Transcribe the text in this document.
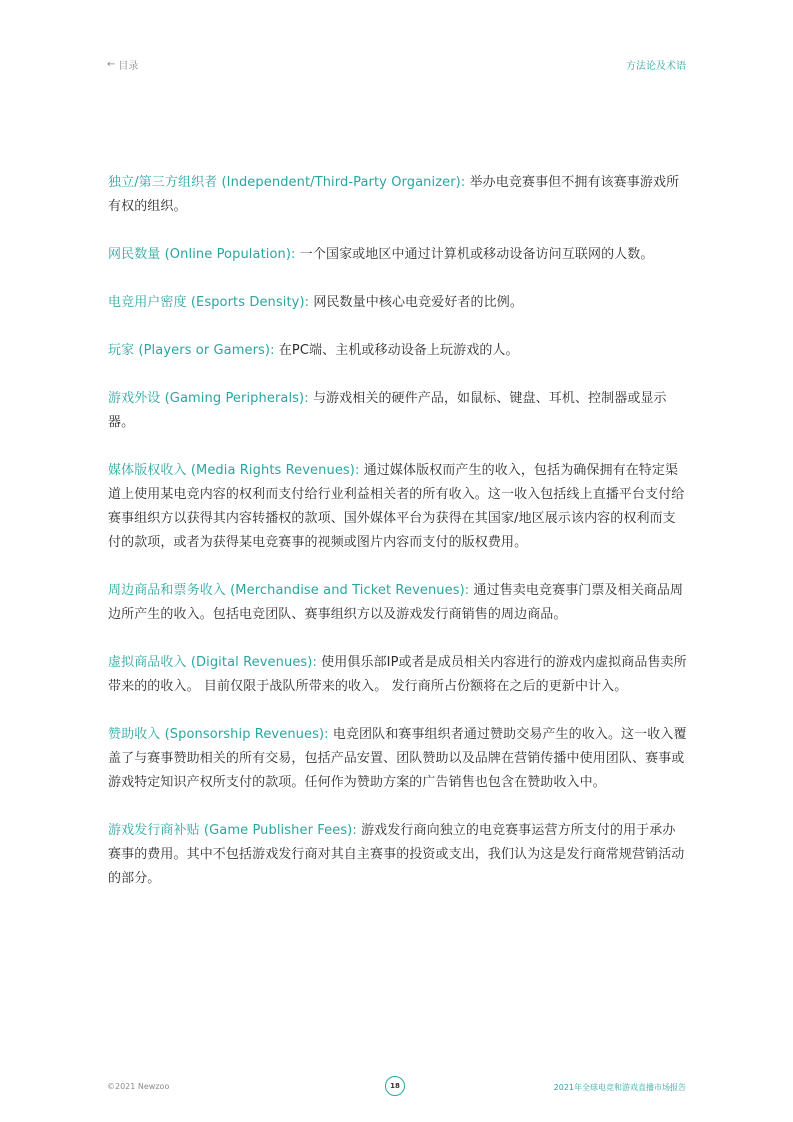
← 目录	方法论及术语

独立/第三方组织者 (Independent/Third-Party Organizer): 举办电竞赛事但不拥有该赛事游戏所有权的组织。

网民数量 (Online Population): 一个国家或地区中通过计算机或移动设备访问互联网的人数。

电竞用户密度 (Esports Density): 网民数量中核心电竞爱好者的比例。

玩家 (Players or Gamers): 在PC端、主机或移动设备上玩游戏的人。

游戏外设 (Gaming Peripherals): 与游戏相关的硬件产品，如鼠标、键盘、耳机、控制器或显示器。

媒体版权收入 (Media Rights Revenues): 通过媒体版权而产生的收入，包括为确保拥有在特定渠道上使用某电竞内容的权利而支付给行业利益相关者的所有收入。这一收入包括线上直播平台支付给赛事组织方以获得其内容转播权的款项、国外媒体平台为获得在其国家/地区展示该内容的权利而支付的款项，或者为获得某电竞赛事的视频或图片内容而支付的版权费用。

周边商品和票务收入 (Merchandise and Ticket Revenues): 通过售卖电竞赛事门票及相关商品周边所产生的收入。包括电竞团队、赛事组织方以及游戏发行商销售的周边商品。

虚拟商品收入 (Digital Revenues): 使用俱乐部IP或者是成员相关内容进行的游戏内虚拟商品售卖所带来的的收入。 目前仅限于战队所带来的收入。 发行商所占份额将在之后的更新中计入。

赞助收入 (Sponsorship Revenues): 电竞团队和赛事组织者通过赞助交易产生的收入。这一收入覆盖了与赛事赞助相关的所有交易，包括产品安置、团队赞助以及品牌在营销传播中使用团队、赛事或游戏特定知识产权所支付的款项。任何作为赞助方案的广告销售也包含在赞助收入中。

游戏发行商补贴 (Game Publisher Fees): 游戏发行商向独立的电竞赛事运营方所支付的用于承办赛事的费用。其中不包括游戏发行商对其自主赛事的投资或支出，我们认为这是发行商常规营销活动的部分。

©2021 Newzoo	18	2021年全球电竞和游戏直播市场报告
